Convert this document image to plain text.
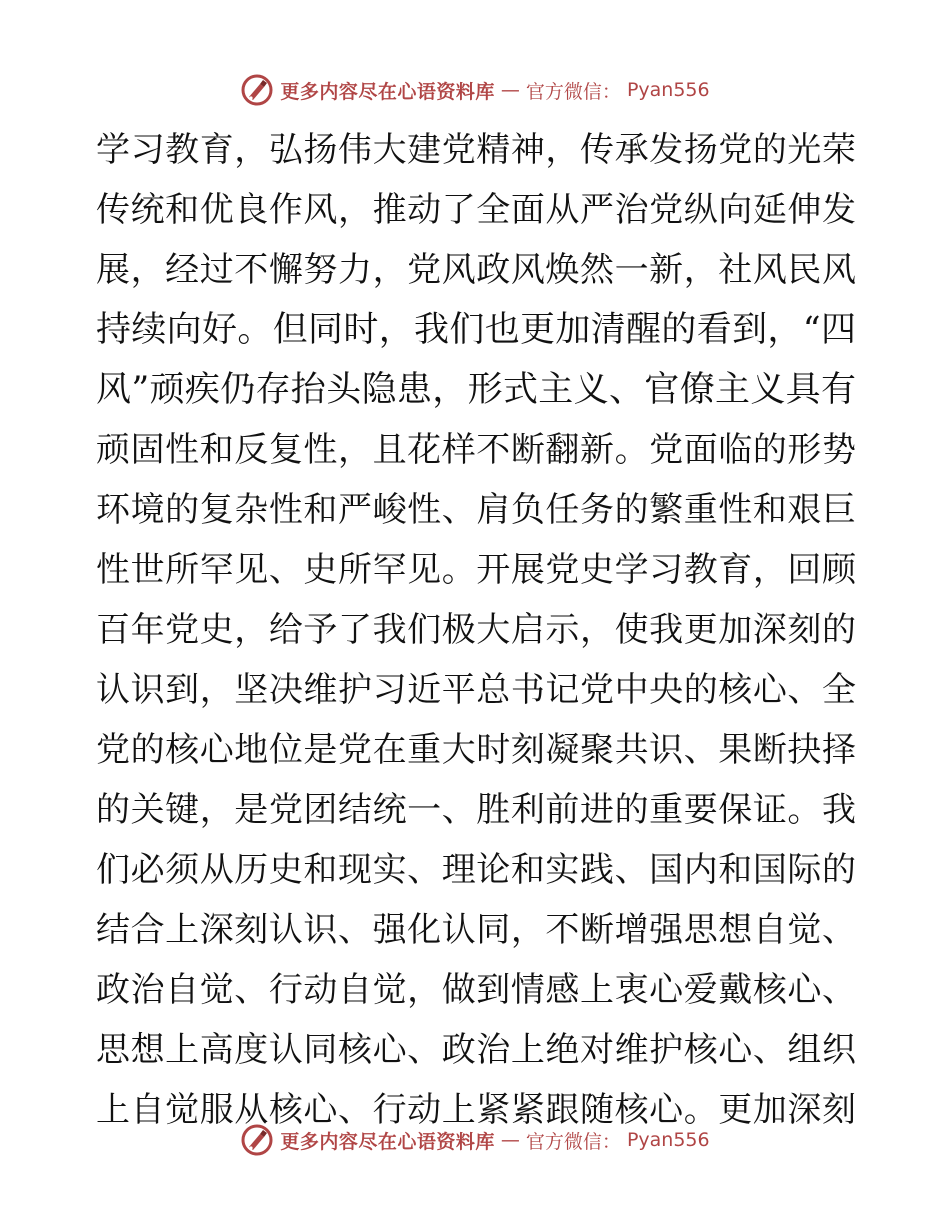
更多内容尽在心语资料库 — 官方微信： Pyan556
学习教育，弘扬伟大建党精神，传承发扬党的光荣
传统和优良作风，推动了全面从严治党纵向延伸发
展，经过不懈努力，党风政风焕然一新，社风民风
持续向好。但同时，我们也更加清醒的看到，“四
风”顽疾仍存抬头隐患，形式主义、官僚主义具有
顽固性和反复性，且花样不断翻新。党面临的形势
环境的复杂性和严峻性、肩负任务的繁重性和艰巨
性世所罕见、史所罕见。开展党史学习教育，回顾
百年党史，给予了我们极大启示，使我更加深刻的
认识到，坚决维护习近平总书记党中央的核心、全
党的核心地位是党在重大时刻凝聚共识、果断抉择
的关键，是党团结统一、胜利前进的重要保证。我
们必须从历史和现实、理论和实践、国内和国际的
结合上深刻认识、强化认同，不断增强思想自觉、
政治自觉、行动自觉，做到情感上衷心爱戴核心、
思想上高度认同核心、政治上绝对维护核心、组织
上自觉服从核心、行动上紧紧跟随核心。更加深刻
更多内容尽在心语资料库 — 官方微信： Pyan556
